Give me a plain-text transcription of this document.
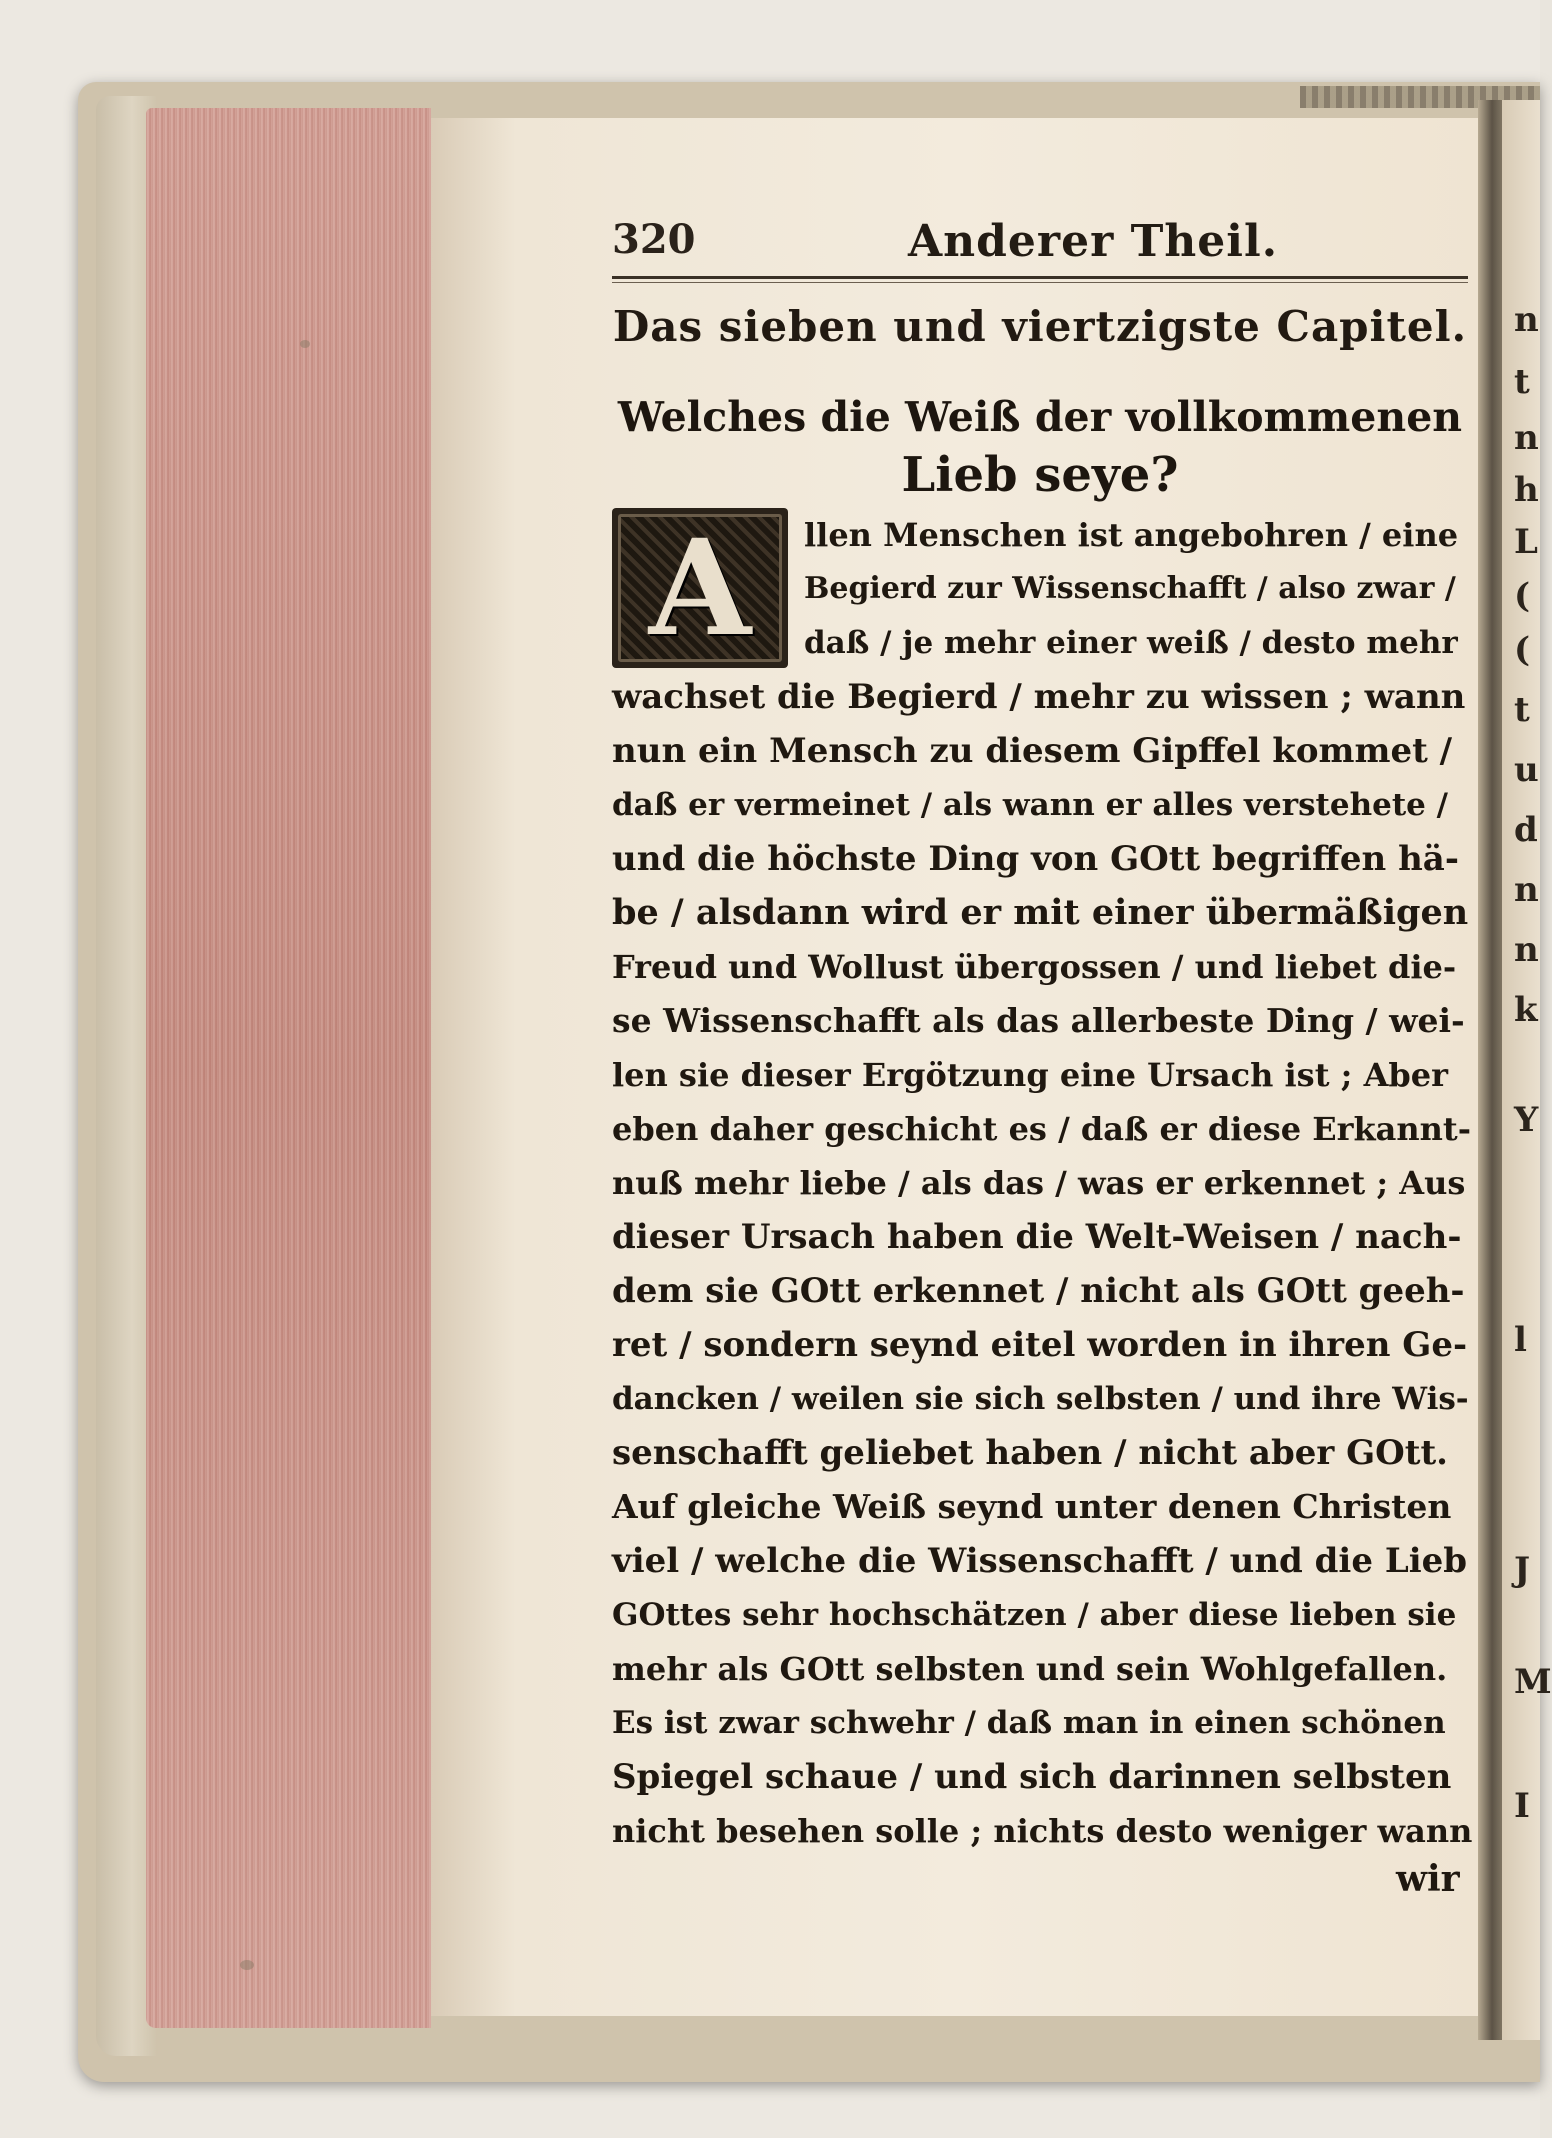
n
t
n
h
L
(
(
t
u
d
n
n
k
Y
l
J
M
I
320	Anderer Theil.
Das sieben und viertzigste Capitel.
Welches die Weiß der vollkommenen
Lieb seye?
A	llen Menschen ist angebohren / eine
Begierd zur Wissenschafft / also zwar /
daß / je mehr einer weiß / desto mehr
wachset die Begierd / mehr zu wissen ; wann
nun ein Mensch zu diesem Gipffel kommet /
daß er vermeinet / als wann er alles verstehete /
und die höchste Ding von GOtt begriffen hä-
be / alsdann wird er mit einer übermäßigen
Freud und Wollust übergossen / und liebet die-
se Wissenschafft als das allerbeste Ding / wei-
len sie dieser Ergötzung eine Ursach ist ; Aber
eben daher geschicht es / daß er diese Erkannt-
nuß mehr liebe / als das / was er erkennet ; Aus
dieser Ursach haben die Welt-Weisen / nach-
dem sie GOtt erkennet / nicht als GOtt geeh-
ret / sondern seynd eitel worden in ihren Ge-
dancken / weilen sie sich selbsten / und ihre Wis-
senschafft geliebet haben / nicht aber GOtt.
Auf gleiche Weiß seynd unter denen Christen
viel / welche die Wissenschafft / und die Lieb
GOttes sehr hochschätzen / aber diese lieben sie
mehr als GOtt selbsten und sein Wohlgefallen.
Es ist zwar schwehr / daß man in einen schönen
Spiegel schaue / und sich darinnen selbsten
nicht besehen solle ; nichts desto weniger wann
wir
